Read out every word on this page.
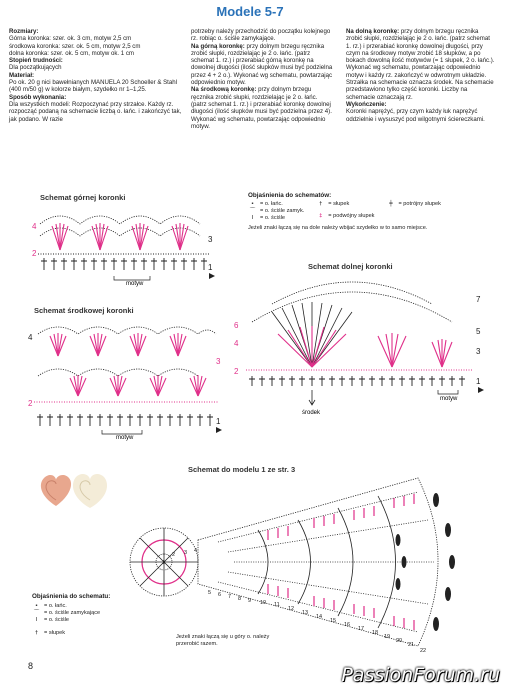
Modele 5-7

Rozmiary:

Górna koronka: szer. ok. 3 cm, motyw 2,5 cm

środkowa koronka: szer. ok. 5 cm, motyw 2,5 cm

dolna koronka: szer. ok. 5 cm, motyw ok. 1 cm

Stopień trudności:

Dla początkujących

Materiał:

Po ok. 20 g nici bawełnianych MANUELA 20 Schoeller & Stahl (400 m/50 g) w kolorze białym, szydełko nr 1–1,25.

Sposób wykonania:

Dla wszystkich modeli: Rozpoczynać przy strzałce. Każdy rz. rozpocząć podaną na schemacie liczbą o. łańc. i zakończyć tak, jak podano. W razie

potrzeby należy przechodzić do początku kolejnego rz. robiąc o. ściśle zamykające.

Na górną koronkę: przy dolnym brzegu ręcznika zrobić słupki, rozdzielając je 2 o. łańc. (patrz schemat 1. rz.) i przerabiać górną koronkę na dowolnej długości (ilość słupków musi być podzielna przez 4 + 2 o.). Wykonać wg schematu, powtarzając odpowiednio motyw.

Na środkową koronkę: przy dolnym brzegu ręcznika zrobić słupki, rozdzielając je 2 o. łańc. (patrz schemat 1. rz.) i przerabiać koronkę dowolnej długości (ilość słupków musi być podzielna przez 4). Wykonać wg schematu, powtarzając odpowiednio motyw.

Na dolną koronkę: przy dolnym brzegu ręcznika zrobić słupki, rozdzielając je 2 o. łańc. (patrz schemat 1. rz.) i przerabiać koronkę dowolnej długości, przy czym na środkowy motyw zrobić 18 słupków, a po bokach dowolną ilość motywów (= 1 słupek, 2 o. łańc.). Wykonać wg schematu, powtarzając odpowiednio motyw i każdy rz. zakończyć w odwrotnym układzie. Strzałka na schemacie oznacza środek. Na schemacie przedstawiono tylko część koronki. Liczby na schemacie oznaczają rz.

Wykończenie:

Koronki naprężyć, przy czym każdy łuk naprężyć oddzielnie i wysuszyć pod wilgotnymi ściereczkami.

Objaśnienia do schematów:
•	= o. łańc.
⌒ = o. ściśle zamyk.
I	= o. ściśle
†	= słupek
‡	= podwójny słupek
╪	= potrójny słupek
Jeżeli znaki łączą się na dole należy wbijać szydełko w to samo miejsce.
Schemat górnej koronki
Schemat środkowej koronki
Schemat dolnej koronki
Schemat do modelu 1 ze str. 3
4
3
2
1
motyw
4
3
2
1
motyw
7
6
5
4
3
2
1
środek
motyw
1
2 3 4
5 6 7 8 9 10 11
12
13
14
15
16
17
18
19
20
21
22
Objaśnienia do schematu:
•	= o. łańc.
⌒ = o. ściśle zamykające
I	= o. ściśle
†	= słupek
Jeżeli znaki łączą się u góry o. należy przerobić razem.
8	PassionForum.ru
